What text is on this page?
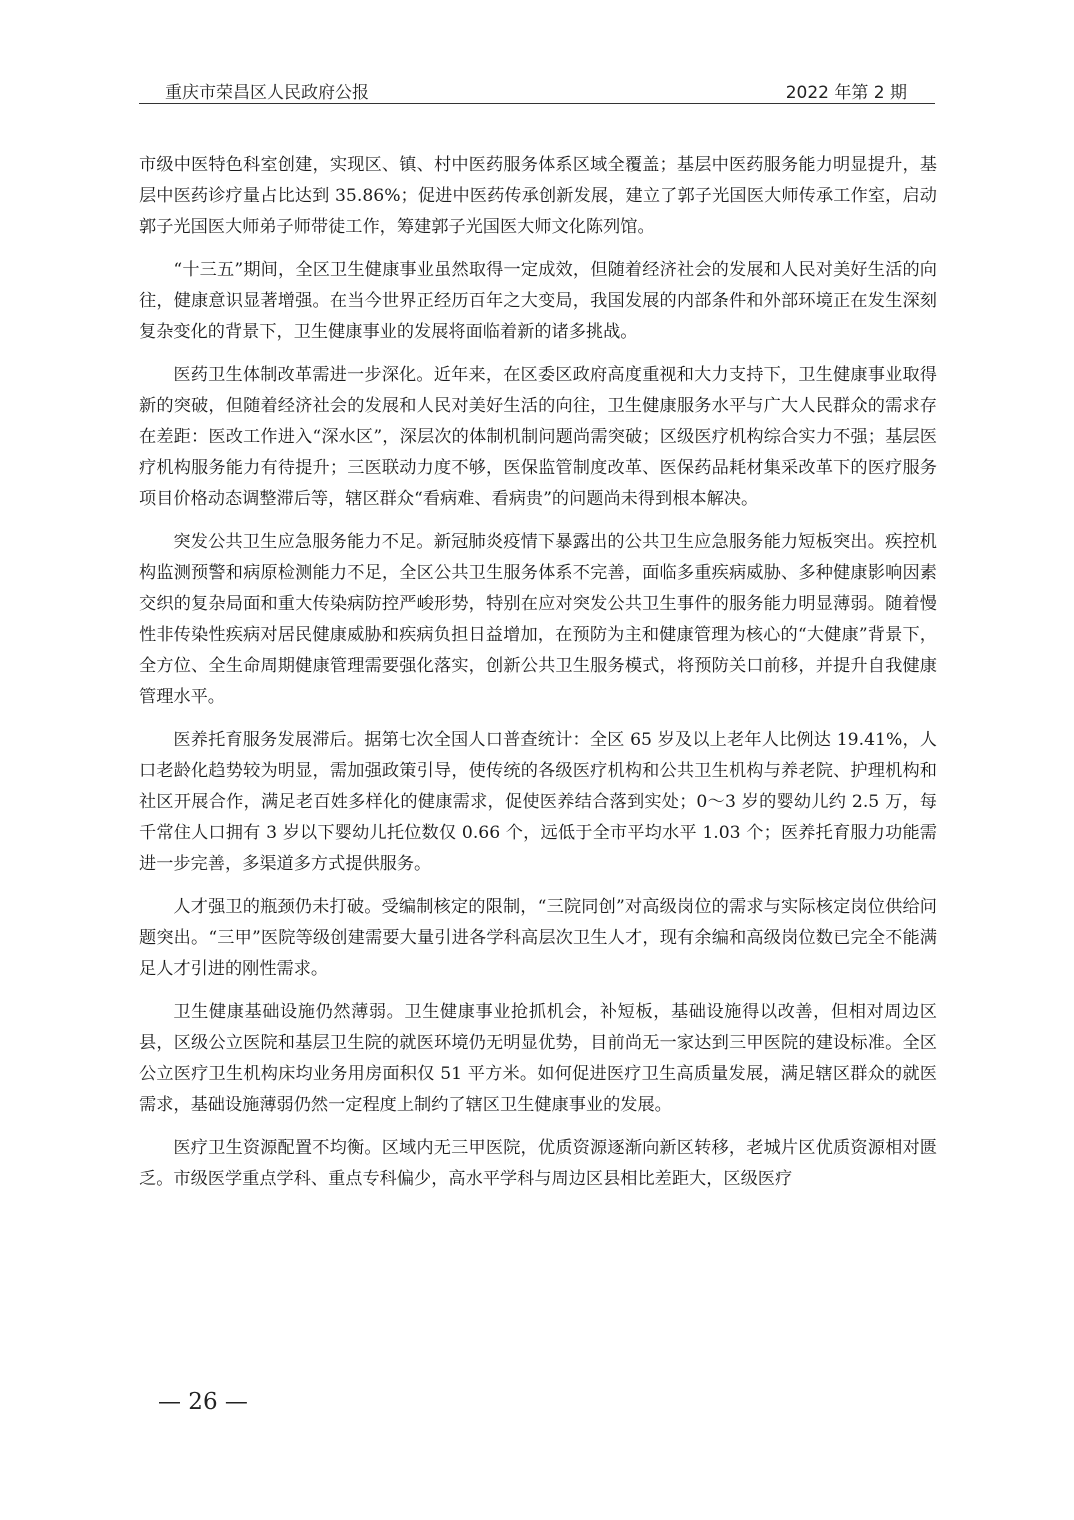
重庆市荣昌区人民政府公报	2022 年第 2 期

市级中医特色科室创建，实现区、镇、村中医药服务体系区域全覆盖；基层中医药服务能力明显提升，基层中医药诊疗量占比达到 35.86%；促进中医药传承创新发展，建立了郭子光国医大师传承工作室，启动郭子光国医大师弟子师带徒工作，筹建郭子光国医大师文化陈列馆。

“十三五”期间，全区卫生健康事业虽然取得一定成效，但随着经济社会的发展和人民对美好生活的向往，健康意识显著增强。在当今世界正经历百年之大变局，我国发展的内部条件和外部环境正在发生深刻复杂变化的背景下，卫生健康事业的发展将面临着新的诸多挑战。

医药卫生体制改革需进一步深化。近年来，在区委区政府高度重视和大力支持下，卫生健康事业取得新的突破，但随着经济社会的发展和人民对美好生活的向往，卫生健康服务水平与广大人民群众的需求存在差距：医改工作进入“深水区”，深层次的体制机制问题尚需突破；区级医疗机构综合实力不强；基层医疗机构服务能力有待提升；三医联动力度不够，医保监管制度改革、医保药品耗材集采改革下的医疗服务项目价格动态调整滞后等，辖区群众“看病难、看病贵”的问题尚未得到根本解决。

突发公共卫生应急服务能力不足。新冠肺炎疫情下暴露出的公共卫生应急服务能力短板突出。疾控机构监测预警和病原检测能力不足，全区公共卫生服务体系不完善，面临多重疾病威胁、多种健康影响因素交织的复杂局面和重大传染病防控严峻形势，特别在应对突发公共卫生事件的服务能力明显薄弱。随着慢性非传染性疾病对居民健康威胁和疾病负担日益增加，在预防为主和健康管理为核心的“大健康”背景下，全方位、全生命周期健康管理需要强化落实，创新公共卫生服务模式，将预防关口前移，并提升自我健康管理水平。

医养托育服务发展滞后。据第七次全国人口普查统计：全区 65 岁及以上老年人比例达 19.41%，人口老龄化趋势较为明显，需加强政策引导，使传统的各级医疗机构和公共卫生机构与养老院、护理机构和社区开展合作，满足老百姓多样化的健康需求，促使医养结合落到实处；0～3 岁的婴幼儿约 2.5 万，每千常住人口拥有 3 岁以下婴幼儿托位数仅 0.66 个，远低于全市平均水平 1.03 个；医养托育服力功能需进一步完善，多渠道多方式提供服务。

人才强卫的瓶颈仍未打破。受编制核定的限制，“三院同创”对高级岗位的需求与实际核定岗位供给问题突出。“三甲”医院等级创建需要大量引进各学科高层次卫生人才，现有余编和高级岗位数已完全不能满足人才引进的刚性需求。

卫生健康基础设施仍然薄弱。卫生健康事业抢抓机会，补短板，基础设施得以改善，但相对周边区县，区级公立医院和基层卫生院的就医环境仍无明显优势，目前尚无一家达到三甲医院的建设标准。全区公立医疗卫生机构床均业务用房面积仅 51 平方米。如何促进医疗卫生高质量发展，满足辖区群众的就医需求，基础设施薄弱仍然一定程度上制约了辖区卫生健康事业的发展。

医疗卫生资源配置不均衡。区域内无三甲医院，优质资源逐渐向新区转移，老城片区优质资源相对匮乏。市级医学重点学科、重点专科偏少，高水平学科与周边区县相比差距大，区级医疗

— 26 —
